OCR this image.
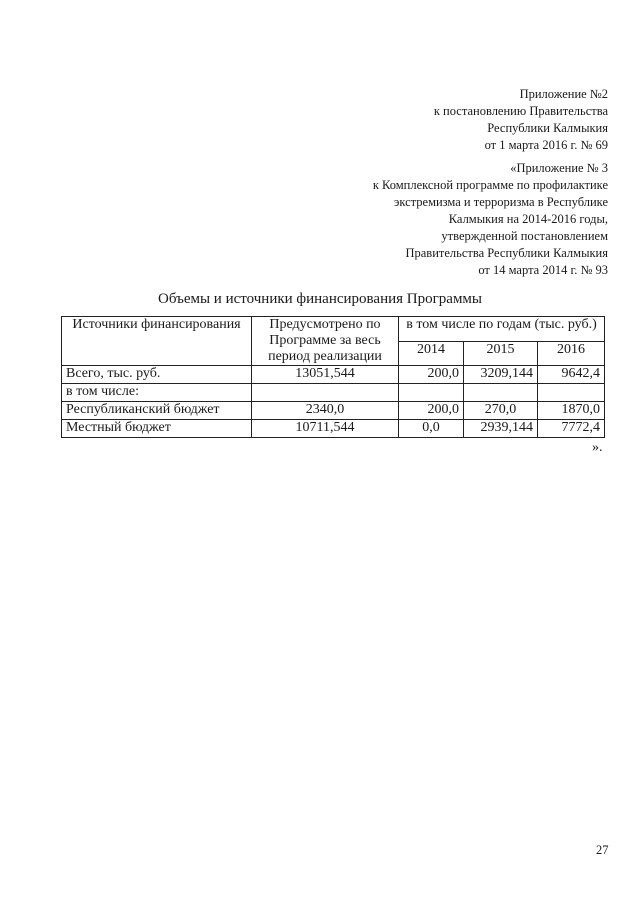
Приложение №2
к постановлению Правительства
Республики Калмыкия
от 1 марта 2016 г. № 69
«Приложение № 3
к Комплексной программе по профилактике
экстремизма и терроризма в Республике
Калмыкия на 2014-2016 годы,
утвержденной постановлением
Правительства Республики Калмыкия
от 14 марта 2014 г. № 93
Объемы и источники финансирования Программы
Источники финансирования	Предусмотрено по Программе за весь период реализации	в том числе по годам (тыс. руб.)		
		2014	2015	2016
Всего, тыс. руб.	13051,544	200,0	3209,144	9642,4
в том числе:				
Республиканский бюджет	2340,0	200,0	270,0	1870,0
Местный бюджет	10711,544	0,0	2939,144	7772,4
».
27
